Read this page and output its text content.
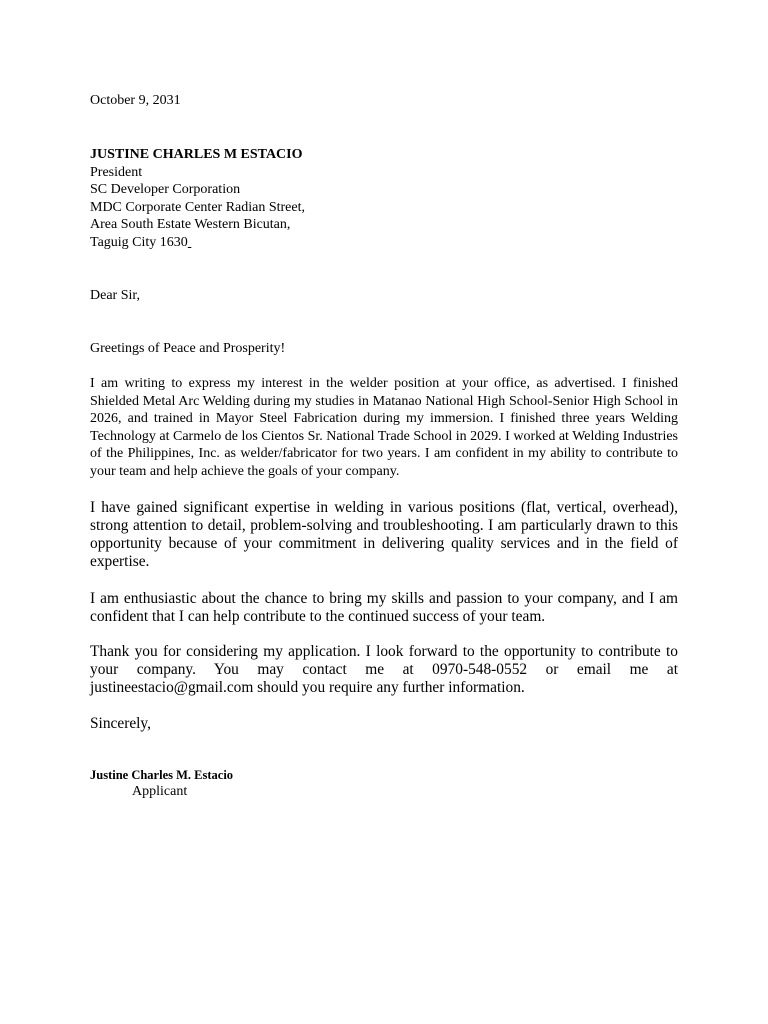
October 9, 2031

JUSTINE CHARLES M ESTACIO
President
SC Developer Corporation
MDC Corporate Center Radian Street,
Area South Estate Western Bicutan,
Taguig City 1630

Dear Sir,

Greetings of Peace and Prosperity!

I am writing to express my interest in the welder position at your office, as advertised. I finished Shielded Metal Arc Welding during my studies in Matanao National High School-Senior High School in 2026, and trained in Mayor Steel Fabrication during my immersion. I finished three years Welding Technology at Carmelo de los Cientos Sr. National Trade School in 2029. I worked at Welding Industries of the Philippines, Inc. as welder/fabricator for two years. I am confident in my ability to contribute to your team and help achieve the goals of your company.

I have gained significant expertise in welding in various positions (flat, vertical, overhead), strong attention to detail, problem-solving and troubleshooting. I am particularly drawn to this opportunity because of your commitment in delivering quality services and in the field of expertise.

I am enthusiastic about the chance to bring my skills and passion to your company, and I am confident that I can help contribute to the continued success of your team.

Thank you for considering my application. I look forward to the opportunity to contribute to your company. You may contact me at 0970-548-0552 or email me at justineestacio@gmail.com should you require any further information.

Sincerely,

Justine Charles M. Estacio
Applicant
